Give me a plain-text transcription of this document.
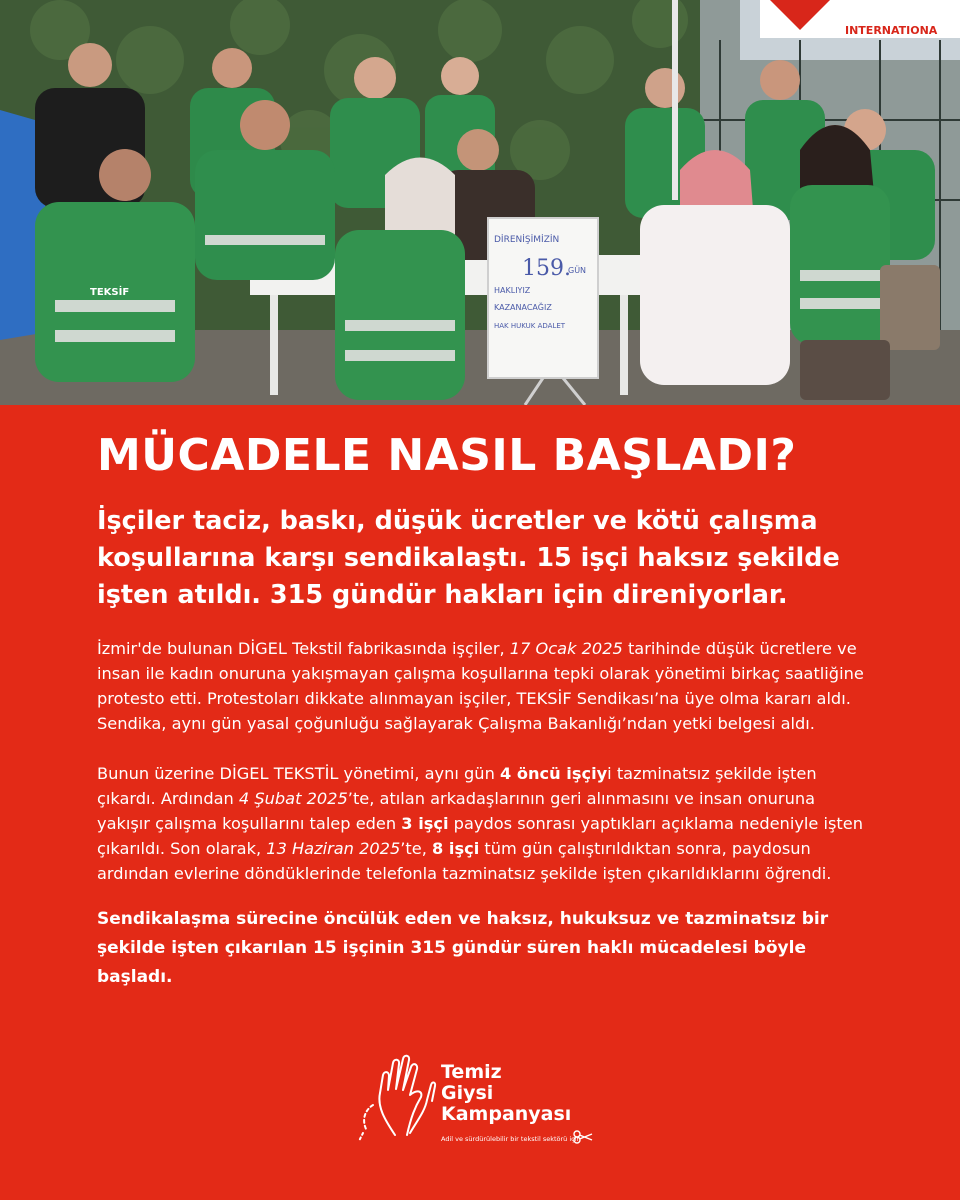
INTERNATIONA
DİRENİŞİMİZİN
159.
GÜN
HAKLIYIZ
KAZANACAĞIZ
HAK HUKUK ADALET
TEKSİF
MÜCADELE NASIL BAŞLADI?

İşçiler taciz, baskı, düşük ücretler ve kötü çalışma koşullarına karşı sendikalaştı. 15 işçi haksız şekilde işten atıldı. 315 gündür hakları için direniyorlar.

İzmir'de bulunan DİGEL Tekstil fabrikasında işçiler, 17 Ocak 2025 tarihinde düşük ücretlere ve insan ile kadın onuruna yakışmayan çalışma koşullarına tepki olarak yönetimi birkaç saatliğine protesto etti. Protestoları dikkate alınmayan işçiler, TEKSİF Sendikası’na üye olma kararı aldı. Sendika, aynı gün yasal çoğunluğu sağlayarak Çalışma Bakanlığı’ndan yetki belgesi aldı.

Bunun üzerine DİGEL TEKSTİL yönetimi, aynı gün 4 öncü işçiyi tazminatsız şekilde işten çıkardı. Ardından 4 Şubat 2025’te, atılan arkadaşlarının geri alınmasını ve insan onuruna yakışır çalışma koşullarını talep eden 3 işçi paydos sonrası yaptıkları açıklama nedeniyle işten çıkarıldı. Son olarak, 13 Haziran 2025’te, 8 işçi tüm gün çalıştırıldıktan sonra, paydosun ardından evlerine döndüklerinde telefonla tazminatsız şekilde işten çıkarıldıklarını öğrendi.

Sendikalaşma sürecine öncülük eden ve haksız, hukuksuz ve tazminatsız bir şekilde işten çıkarılan 15 işçinin 315 gündür süren haklı mücadelesi böyle başladı.

Temiz
Giysi
Kampanyası
Adil ve sürdürülebilir bir tekstil sektörü için
